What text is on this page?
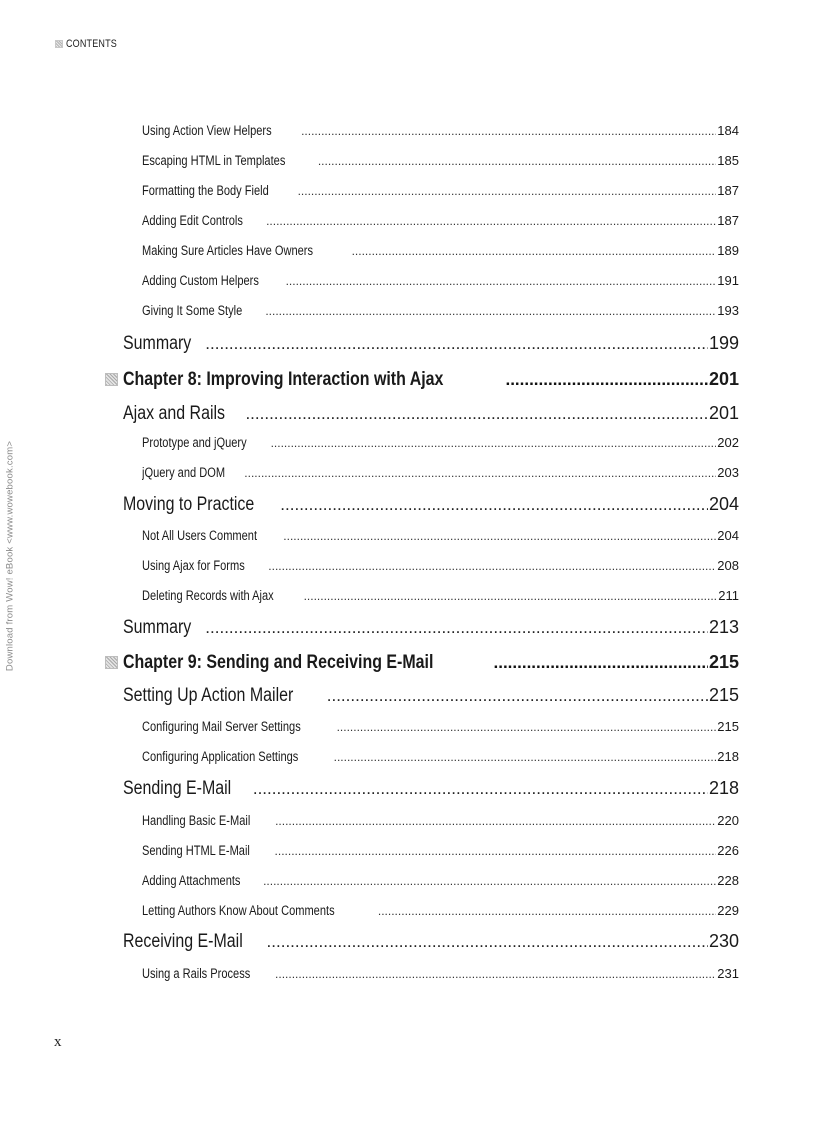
CONTENTS
Download from Wow! eBook <www.wowebook.com>
Using Action View Helpers .....	184
Escaping HTML in Templates .....	185
Formatting the Body Field .....	187
Adding Edit Controls .....	187
Making Sure Articles Have Owners .....	189
Adding Custom Helpers .....	191
Giving It Some Style .....	193
Summary .....	199
Chapter 8: Improving Interaction with Ajax .....	201
Ajax and Rails .....	201
Prototype and jQuery .....	202
jQuery and DOM .....	203
Moving to Practice .....	204
Not All Users Comment .....	204
Using Ajax for Forms .....	208
Deleting Records with Ajax .....	211
Summary .....	213
Chapter 9: Sending and Receiving E-Mail .....	215
Setting Up Action Mailer .....	215
Configuring Mail Server Settings .....	215
Configuring Application Settings .....	218
Sending E-Mail .....	218
Handling Basic E-Mail .....	220
Sending HTML E-Mail .....	226
Adding Attachments .....	228
Letting Authors Know About Comments .....	229
Receiving E-Mail .....	230
Using a Rails Process .....	231
x
